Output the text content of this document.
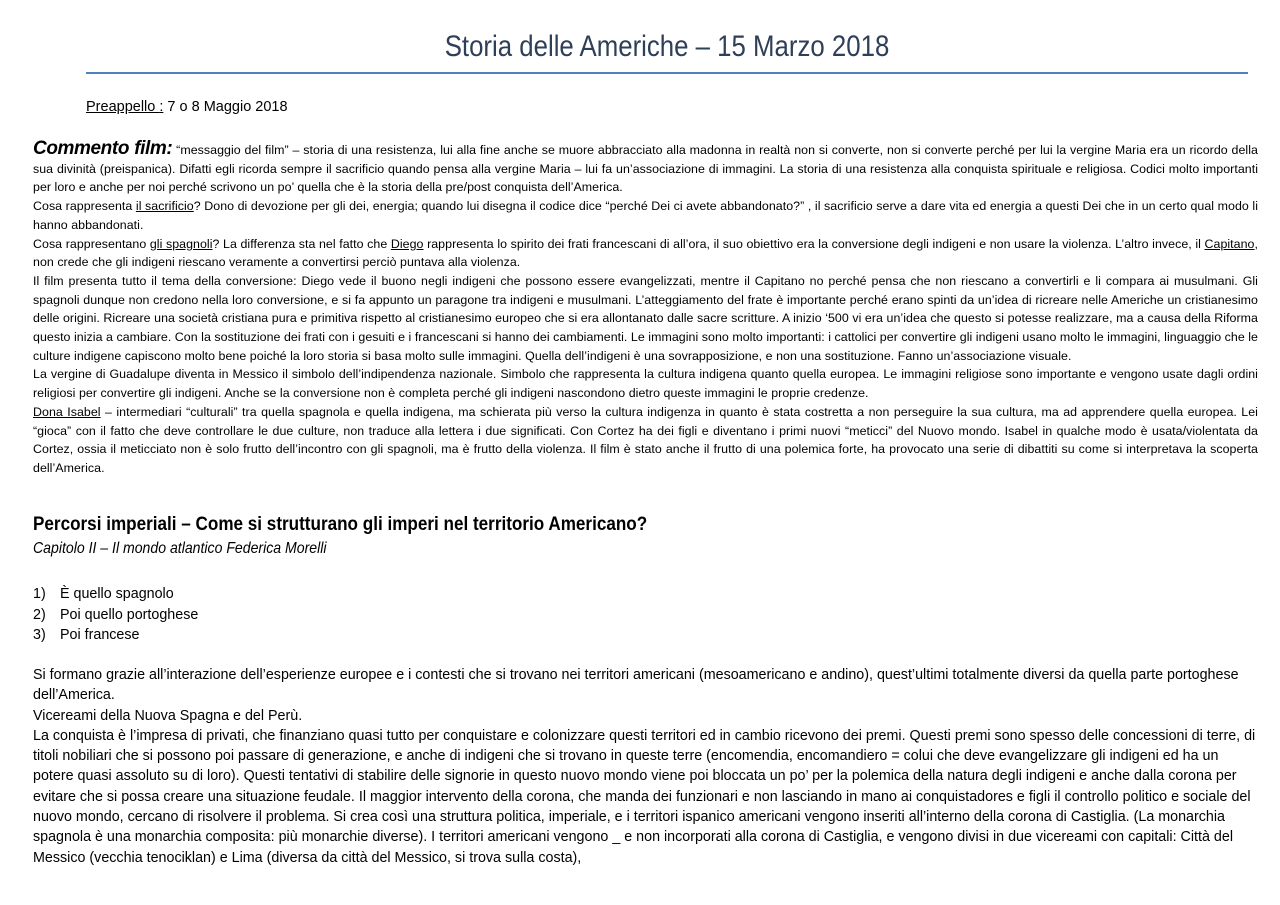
Storia delle Americhe – 15 Marzo 2018
Preappello : 7 o 8 Maggio 2018

Commento film: “messaggio del film” – storia di una resistenza, lui alla fine anche se muore abbracciato alla madonna in realtà non si converte, non si converte perché per lui la vergine Maria era un ricordo della sua divinità (preispanica). Difatti egli ricorda sempre il sacrificio quando pensa alla vergine Maria – lui fa un’associazione di immagini. La storia di una resistenza alla conquista spirituale e religiosa. Codici molto importanti per loro e anche per noi perché scrivono un po’ quella che è la storia della pre/post conquista dell’America.

Cosa rappresenta il sacrificio? Dono di devozione per gli dei, energia; quando lui disegna il codice dice “perché Dei ci avete abbandonato?” , il sacrificio serve a dare vita ed energia a questi Dei che in un certo qual modo li hanno abbandonati.

Cosa rappresentano gli spagnoli? La differenza sta nel fatto che Diego rappresenta lo spirito dei frati francescani di all’ora, il suo obiettivo era la conversione degli indigeni e non usare la violenza. L’altro invece, il Capitano, non crede che gli indigeni riescano veramente a convertirsi perciò puntava alla violenza.

Il film presenta tutto il tema della conversione: Diego vede il buono negli indigeni che possono essere evangelizzati, mentre il Capitano no perché pensa che non riescano a convertirli e li compara ai musulmani. Gli spagnoli dunque non credono nella loro conversione, e si fa appunto un paragone tra indigeni e musulmani. L’atteggiamento del frate è importante perché erano spinti da un’idea di ricreare nelle Americhe un cristianesimo delle origini. Ricreare una società cristiana pura e primitiva rispetto al cristianesimo europeo che si era allontanato dalle sacre scritture. A inizio ‘500 vi era un’idea che questo si potesse realizzare, ma a causa della Riforma questo inizia a cambiare. Con la sostituzione dei frati con i gesuiti e i francescani si hanno dei cambiamenti. Le immagini sono molto importanti: i cattolici per convertire gli indigeni usano molto le immagini, linguaggio che le culture indigene capiscono molto bene poiché la loro storia si basa molto sulle immagini. Quella dell’indigeni è una sovrapposizione, e non una sostituzione. Fanno un’associazione visuale.

La vergine di Guadalupe diventa in Messico il simbolo dell’indipendenza nazionale. Simbolo che rappresenta la cultura indigena quanto quella europea. Le immagini religiose sono importante e vengono usate dagli ordini religiosi per convertire gli indigeni. Anche se la conversione non è completa perché gli indigeni nascondono dietro queste immagini le proprie credenze.

Dona Isabel – intermediari “culturali” tra quella spagnola e quella indigena, ma schierata più verso la cultura indigenza in quanto è stata costretta a non perseguire la sua cultura, ma ad apprendere quella europea. Lei “gioca” con il fatto che deve controllare le due culture, non traduce alla lettera i due significati. Con Cortez ha dei figli e diventano i primi nuovi “meticci” del Nuovo mondo. Isabel in qualche modo è usata/violentata da Cortez, ossia il meticciato non è solo frutto dell’incontro con gli spagnoli, ma è frutto della violenza. Il film è stato anche il frutto di una polemica forte, ha provocato una serie di dibattiti su come si interpretava la scoperta dell’America.

Percorsi imperiali – Come si strutturano gli imperi nel territorio Americano?
Capitolo II – Il mondo atlantico Federica Morelli
1) È quello spagnolo
2) Poi quello portoghese
3) Poi francese

Si formano grazie all’interazione dell’esperienze europee e i contesti che si trovano nei territori americani (mesoamericano e andino), quest’ultimi totalmente diversi da quella parte portoghese dell’America.

Vicereami della Nuova Spagna e del Perù.

La conquista è l’impresa di privati, che finanziano quasi tutto per conquistare e colonizzare questi territori ed in cambio ricevono dei premi. Questi premi sono spesso delle concessioni di terre, di titoli nobiliari che si possono poi passare di generazione, e anche di indigeni che si trovano in queste terre (encomendia, encomandiero = colui che deve evangelizzare gli indigeni ed ha un potere quasi assoluto su di loro). Questi tentativi di stabilire delle signorie in questo nuovo mondo viene poi bloccata un po’ per la polemica della natura degli indigeni e anche dalla corona per evitare che si possa creare una situazione feudale. Il maggior intervento della corona, che manda dei funzionari e non lasciando in mano ai conquistadores e figli il controllo politico e sociale del nuovo mondo, cercano di risolvere il problema. Si crea così una struttura politica, imperiale, e i territori ispanico americani vengono inseriti all’interno della corona di Castiglia. (La monarchia spagnola è una monarchia composita: più monarchie diverse). I territori americani vengono _ e non incorporati alla corona di Castiglia, e vengono divisi in due vicereami con capitali: Città del Messico (vecchia tenociklan) e Lima (diversa da città del Messico, si trova sulla costa),
